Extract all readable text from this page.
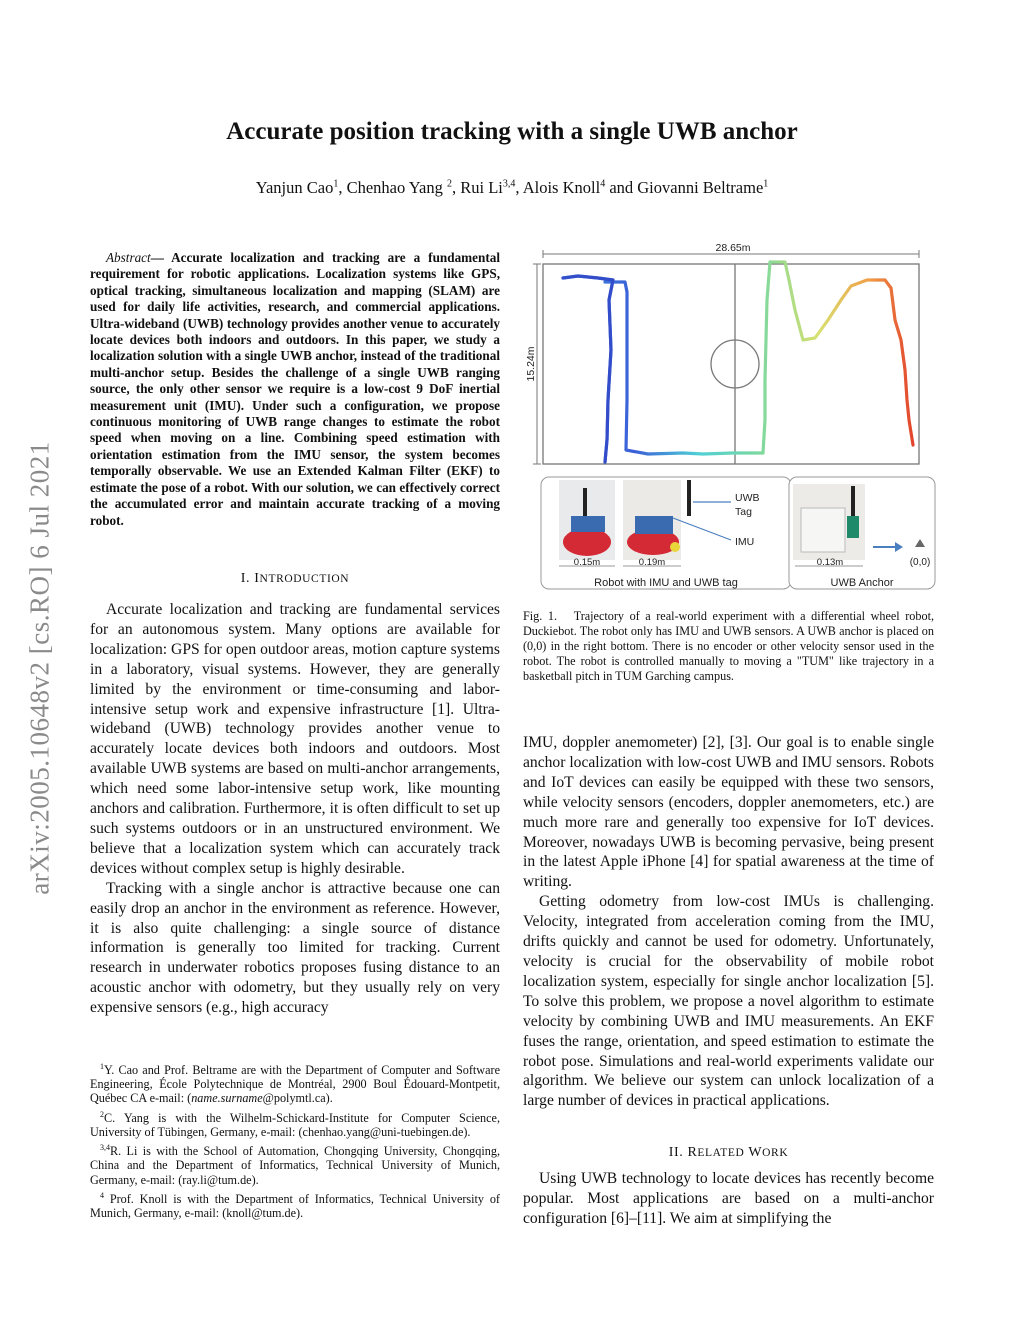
arXiv:2005.10648v2 [cs.RO] 6 Jul 2021
Accurate position tracking with a single UWB anchor
Yanjun Cao$^1$, Chenhao Yang $^2$, Rui Li$^{3,4}$, Alois Knoll$^4$ and Giovanni Beltrame$^1$
Abstract— Accurate localization and tracking are a fundamental requirement for robotic applications. Localization systems like GPS, optical tracking, simultaneous localization and mapping (SLAM) are used for daily life activities, research, and commercial applications. Ultra-wideband (UWB) technology provides another venue to accurately locate devices both indoors and outdoors. In this paper, we study a localization solution with a single UWB anchor, instead of the traditional multi-anchor setup. Besides the challenge of a single UWB ranging source, the only other sensor we require is a low-cost 9 DoF inertial measurement unit (IMU). Under such a configuration, we propose continuous monitoring of UWB range changes to estimate the robot speed when moving on a line. Combining speed estimation with orientation estimation from the IMU sensor, the system becomes temporally observable. We use an Extended Kalman Filter (EKF) to estimate the pose of a robot. With our solution, we can effectively correct the accumulated error and maintain accurate tracking of a moving robot.
I. INTRODUCTION

Accurate localization and tracking are fundamental services for an autonomous system. Many options are available for localization: GPS for open outdoor areas, motion capture systems in a laboratory, visual systems. However, they are generally limited by the environment or time-consuming and labor-intensive setup work and expensive infrastructure [1]. Ultra-wideband (UWB) technology provides another venue to accurately locate devices both indoors and outdoors. Most available UWB systems are based on multi-anchor arrangements, which need some labor-intensive setup work, like mounting anchors and calibration. Furthermore, it is often difficult to set up such systems outdoors or in an unstructured environment. We believe that a localization system which can accurately track devices without complex setup is highly desirable.

Tracking with a single anchor is attractive because one can easily drop an anchor in the environment as reference. However, it is also quite challenging: a single source of distance information is generally too limited for tracking. Current research in underwater robotics proposes fusing distance to an acoustic anchor with odometry, but they usually rely on very expensive sensors (e.g., high accuracy

$^1$Y. Cao and Prof. Beltrame are with the Department of Computer and Software Engineering, École Polytechnique de Montréal, 2900 Boul Édouard-Montpetit, Québec CA e-mail: (name.surname@polymtl.ca).

$^2$C. Yang is with the Wilhelm-Schickard-Institute for Computer Science, University of Tübingen, Germany, e-mail: (chenhao.yang@uni-tuebingen.de).

$^{3,4}$R. Li is with the School of Automation, Chongqing University, Chongqing, China and the Department of Informatics, Technical University of Munich, Germany, e-mail: (ray.li@tum.de).

$^4$ Prof. Knoll is with the Department of Informatics, Technical University of Munich, Germany, e-mail: (knoll@tum.de).

28.65m
15.24m
UWB
Tag
IMU
0.15m	0.19m
Robot with IMU and UWB tag
0.13m	(0,0)
UWB Anchor
Fig. 1. Trajectory of a real-world experiment with a differential wheel robot, Duckiebot. The robot only has IMU and UWB sensors. A UWB anchor is placed on (0,0) in the right bottom. There is no encoder or other velocity sensor used in the robot. The robot is controlled manually to moving a "TUM" like trajectory in a basketball pitch in TUM Garching campus.

IMU, doppler anemometer) [2], [3]. Our goal is to enable single anchor localization with low-cost UWB and IMU sensors. Robots and IoT devices can easily be equipped with these two sensors, while velocity sensors (encoders, doppler anemometers, etc.) are much more rare and generally too expensive for IoT devices. Moreover, nowadays UWB is becoming pervasive, being present in the latest Apple iPhone [4] for spatial awareness at the time of writing.

Getting odometry from low-cost IMUs is challenging. Velocity, integrated from acceleration coming from the IMU, drifts quickly and cannot be used for odometry. Unfortunately, velocity is crucial for the observability of mobile robot localization system, especially for single anchor localization [5]. To solve this problem, we propose a novel algorithm to estimate velocity by combining UWB and IMU measurements. An EKF fuses the range, orientation, and speed estimation to estimate the robot pose. Simulations and real-world experiments validate our algorithm. We believe our system can unlock localization of a large number of devices in practical applications.

II. RELATED WORK

Using UWB technology to locate devices has recently become popular. Most applications are based on a multi-anchor configuration [6]–[11]. We aim at simplifying the
